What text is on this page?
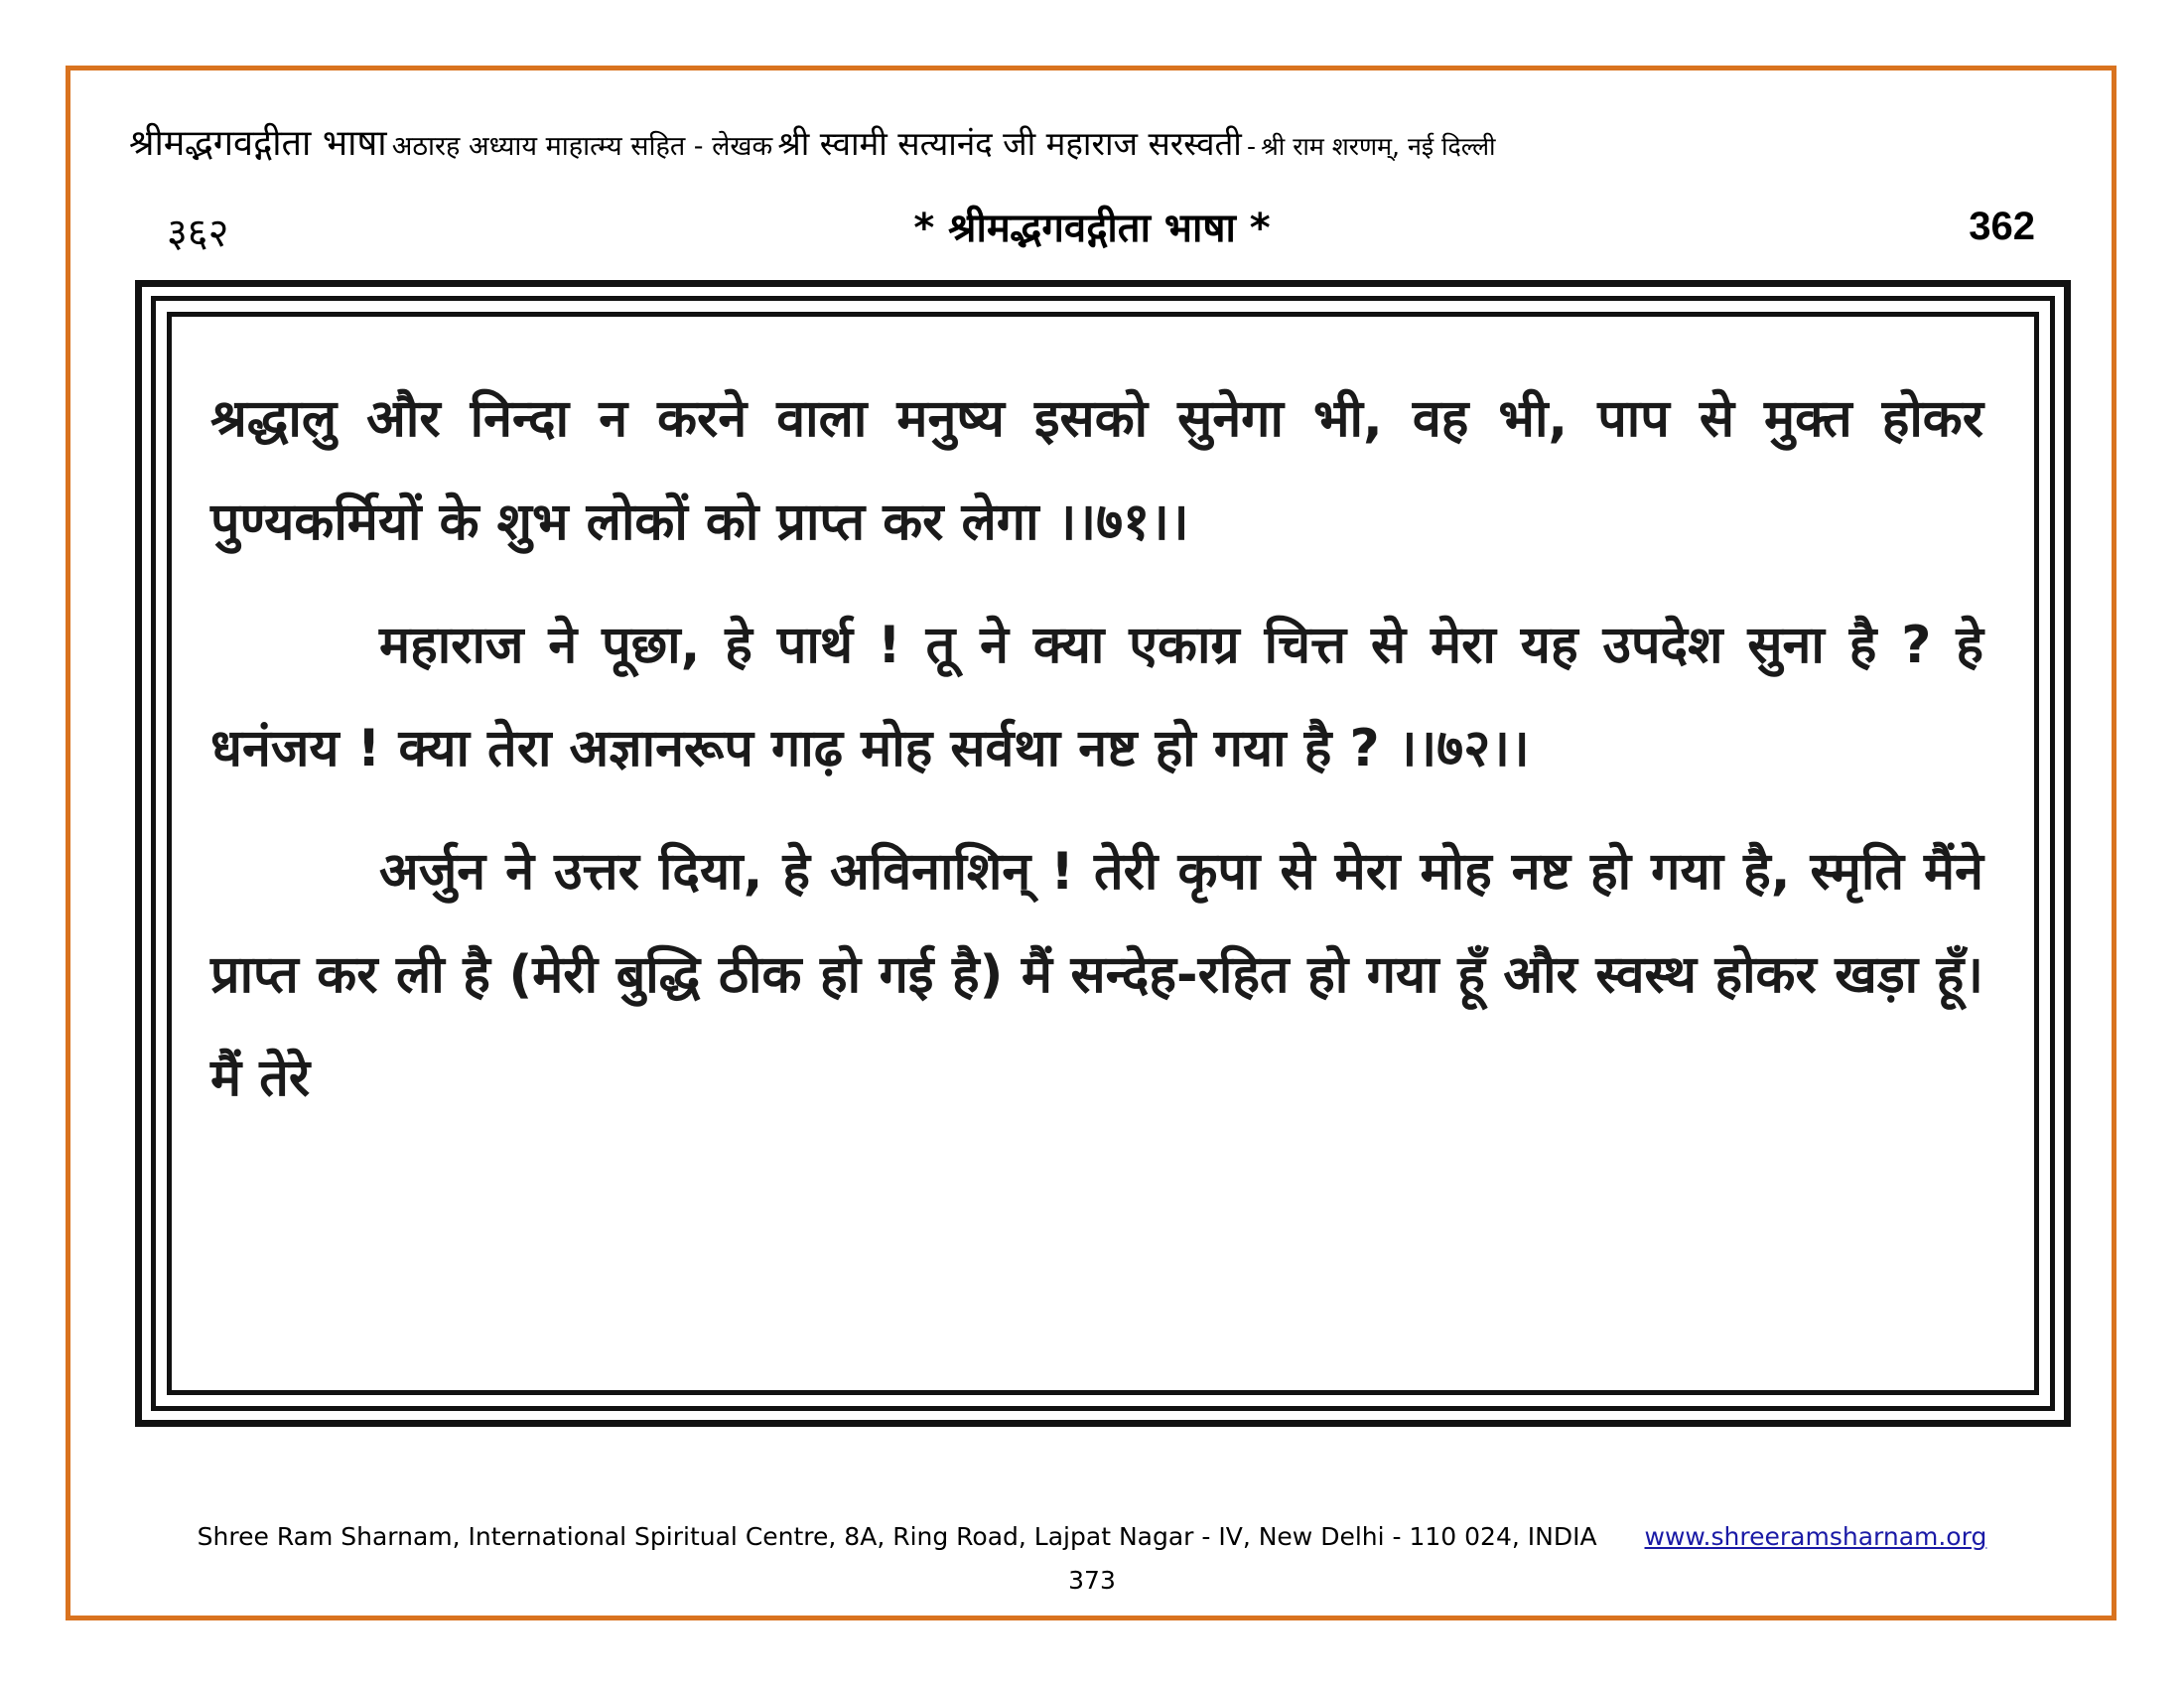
श्रीमद्भगवद्गीता भाषा अठारह अध्याय माहात्म्य सहित - लेखक श्री स्वामी सत्यानंद जी महाराज सरस्वती - श्री राम शरणम्, नई दिल्ली
३६२	* श्रीमद्भगवद्गीता भाषा *	362

श्रद्धालु और निन्दा न करने वाला मनुष्य इसको सुनेगा भी, वह भी, पाप से मुक्त होकर पुण्यकर्मियों के शुभ लोकों को प्राप्त कर लेगा ।।७१।।

महाराज ने पूछा, हे पार्थ ! तू ने क्या एकाग्र चित्त से मेरा यह उपदेश सुना है ? हे धनंजय ! क्या तेरा अज्ञानरूप गाढ़ मोह सर्वथा नष्ट हो गया है ? ।।७२।।

अर्जुन ने उत्तर दिया, हे अविनाशिन् ! तेरी कृपा से मेरा मोह नष्ट हो गया है, स्मृति मैंने प्राप्त कर ली है (मेरी बुद्धि ठीक हो गई है) मैं सन्देह-रहित हो गया हूँ और स्वस्थ होकर खड़ा हूँ। मैं तेरे

Shree Ram Sharnam, International Spiritual Centre, 8A, Ring Road, Lajpat Nagar - IV, New Delhi - 110 024, INDIA www.shreeramsharnam.org
373
